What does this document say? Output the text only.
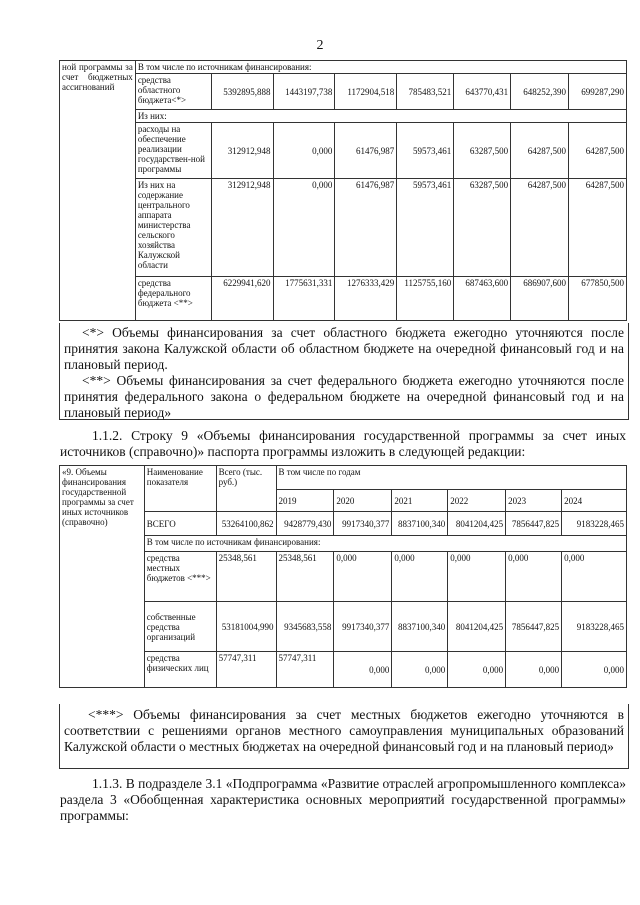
2
ной программы за счет бюджетных ассигнований	В том числе по источникам финансирования:							
	средства областного бюджета<*>	5392895,888	1443197,738	1172904,518	785483,521	643770,431	648252,390	699287,290
	Из них:							
	расходы на обеспечение реализации государствен-ной программы	312912,948	0,000	61476,987	59573,461	63287,500	64287,500	64287,500
	Из них на содержание центрального аппарата министерства сельского хозяйства Калужской области	312912,948	0,000	61476,987	59573,461	63287,500	64287,500	64287,500
	средства федерального бюджета <**>	6229941,620	1775631,331	1276333,429	1125755,160	687463,600	686907,600	677850,500
<*> Объемы финансирования за счет областного бюджета ежегодно уточняются после принятия закона Калужской области об областном бюджете на очередной финансовый год и на плановый период.
<**> Объемы финансирования за счет федерального бюджета ежегодно уточняются после принятия федерального закона о федеральном бюджете на очередной финансовый год и на плановый период»
1.1.2. Строку 9 «Объемы финансирования государственной программы за счет иных источников (справочно)» паспорта программы изложить в следующей редакции:
«9. Объемы финансирования государственной программы за счет иных источников (справочно)	Наименование показателя	Всего (тыс. руб.)	В том числе по годам					
			2019	2020	2021	2022	2023	2024
	ВСЕГО	53264100,862	9428779,430	9917340,377	8837100,340	8041204,425	7856447,825	9183228,465
	В том числе по источникам финансирования:							
	средства местных бюджетов <***>	25348,561	25348,561	0,000	0,000	0,000	0,000	0,000
	собственные средства организаций	53181004,990	9345683,558	9917340,377	8837100,340	8041204,425	7856447,825	9183228,465
	средства физических лиц	57747,311	57747,311	0,000	0,000	0,000	0,000	0,000
<***> Объемы финансирования за счет местных бюджетов ежегодно уточняются в соответствии с решениями органов местного самоуправления муниципальных образований Калужской области о местных бюджетах на очередной финансовый год и на плановый период»
1.1.3. В подразделе 3.1 «Подпрограмма «Развитие отраслей агропромышленного комплекса» раздела 3 «Обобщенная характеристика основных мероприятий государственной программы» программы:
